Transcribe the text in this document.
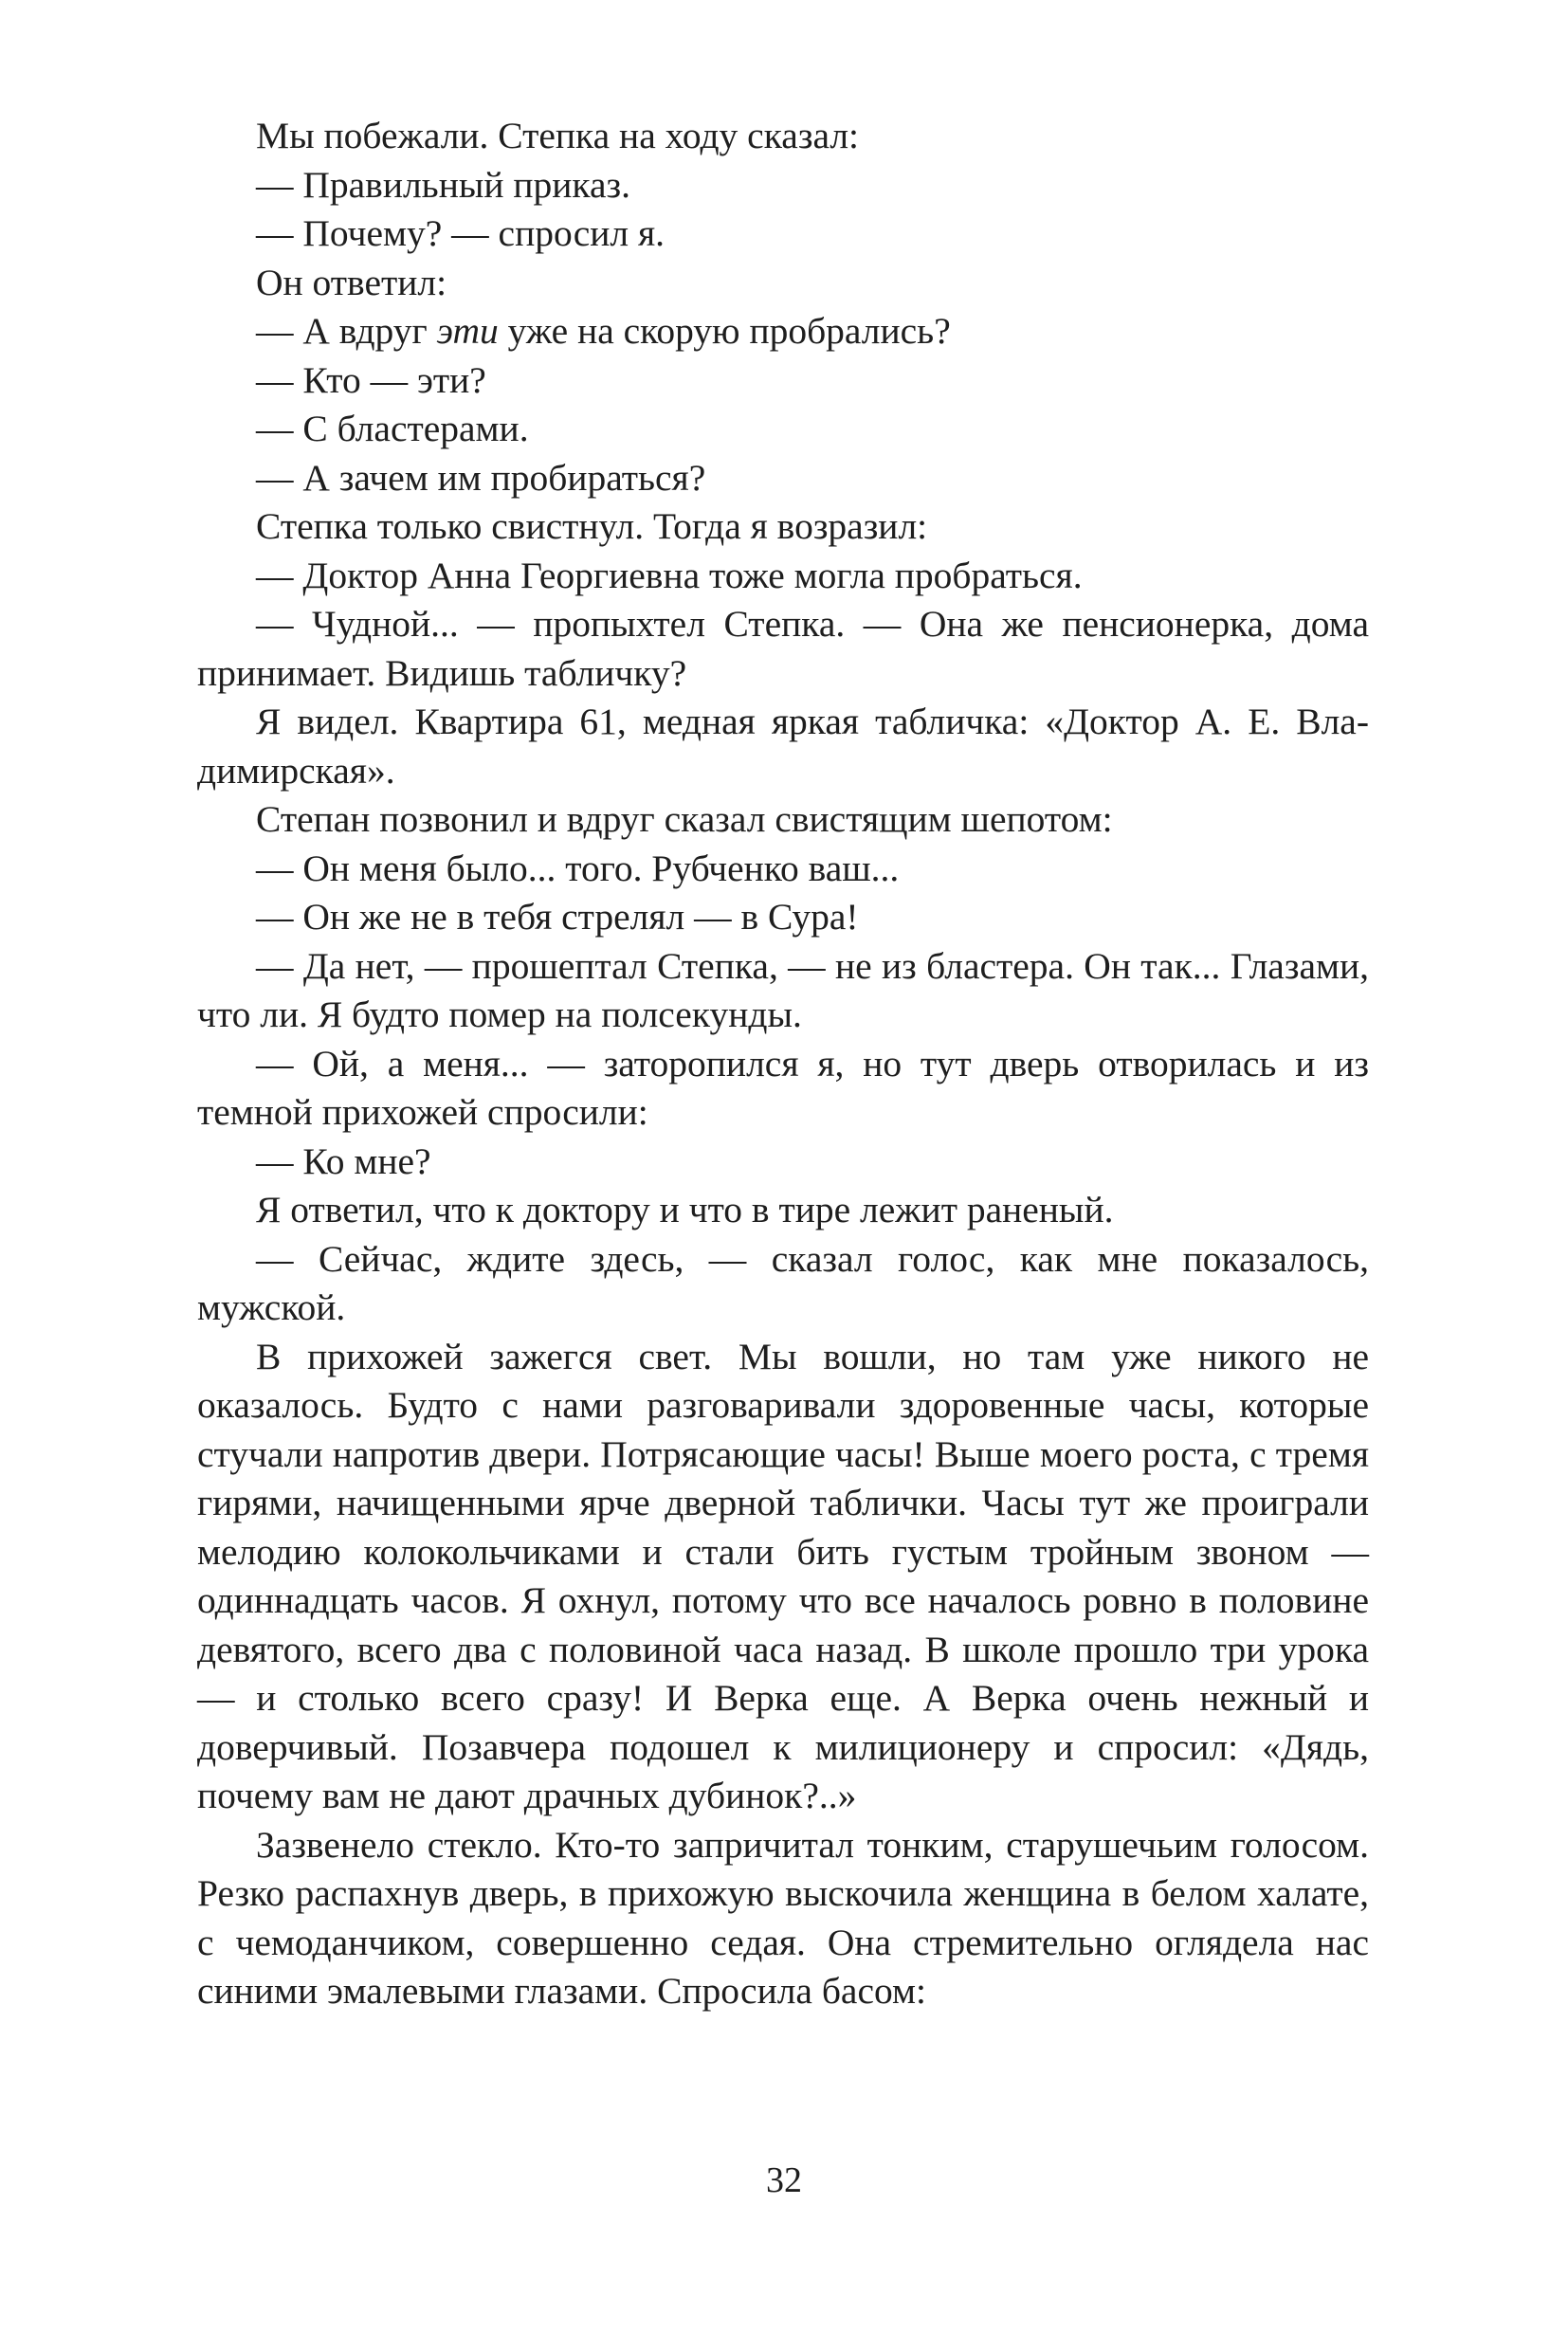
Мы побежали. Степка на ходу сказал:

— Правильный приказ.

— Почему? — спросил я.

Он ответил:

— А вдруг эти уже на скорую пробрались?

— Кто — эти?

— С бластерами.

— А зачем им пробираться?

Степка только свистнул. Тогда я возразил:

— Доктор Анна Георгиевна тоже могла пробраться.

— Чудной... — пропыхтел Степка. — Она же пенсионерка, дома принимает. Видишь табличку?

Я видел. Квартира 61, медная яркая табличка: «Доктор А. Е. Владимирская».

Степан позвонил и вдруг сказал свистящим шепотом:

— Он меня было... того. Рубченко ваш...

— Он же не в тебя стрелял — в Сура!

— Да нет, — прошептал Степка, — не из бластера. Он так... Глазами, что ли. Я будто помер на полсекунды.

— Ой, а меня... — заторопился я, но тут дверь отворилась и из темной прихожей спросили:

— Ко мне?

Я ответил, что к доктору и что в тире лежит раненый.

— Сейчас, ждите здесь, — сказал голос, как мне показалось, мужской.

В прихожей зажегся свет. Мы вошли, но там уже никого не оказалось. Будто с нами разговаривали здоровенные часы, которые стучали напротив двери. Потрясающие часы! Выше моего роста, с тремя гирями, начищенными ярче дверной таблички. Часы тут же проиграли мелодию колокольчиками и стали бить густым тройным звоном — одиннадцать часов. Я охнул, потому что все началось ровно в половине девятого, всего два с половиной часа назад. В школе прошло три урока — и столько всего сразу! И Верка еще. А Верка очень нежный и доверчивый. Позавчера подошел к милиционеру и спросил: «Дядь, почему вам не дают драчных дубинок?..»

Зазвенело стекло. Кто-то запричитал тонким, старушечьим голосом. Резко распахнув дверь, в прихожую выскочила женщина в белом халате, с чемоданчиком, совершенно седая. Она стремительно оглядела нас синими эмалевыми глазами. Спросила басом:

32
